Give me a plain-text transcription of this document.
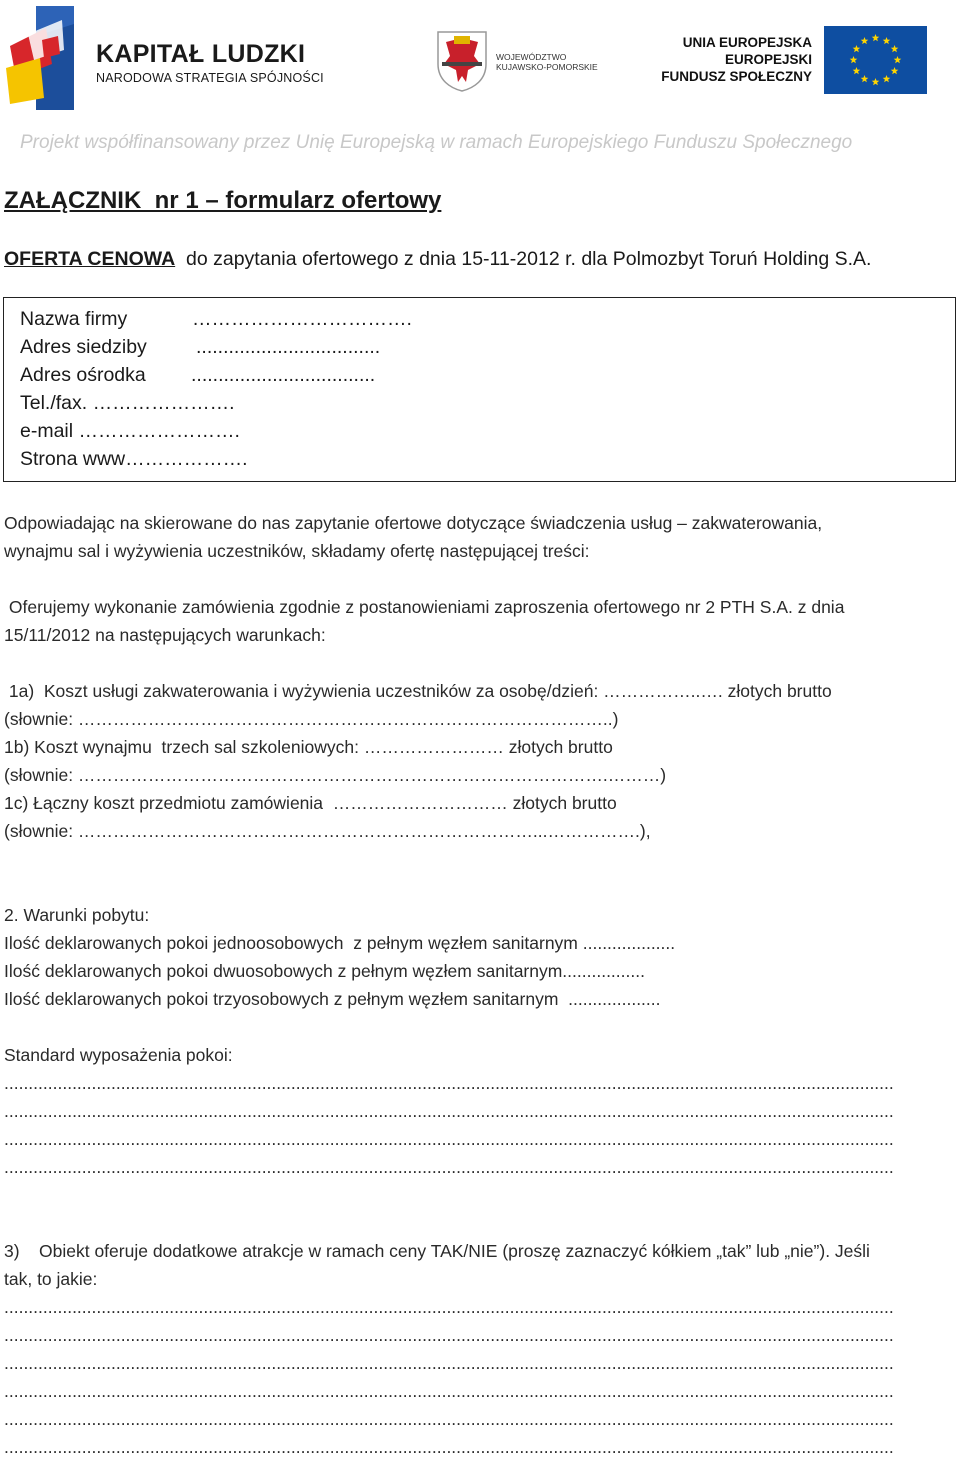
KAPITAŁ LUDZKI
NARODOWA STRATEGIA SPÓJNOŚCI
WOJEWÓDZTWO
KUJAWSKO-POMORSKIE
UNIA EUROPEJSKA
EUROPEJSKI
FUNDUSZ SPOŁECZNY
Projekt współfinansowany przez Unię Europejską w ramach Europejskiego Funduszu Społecznego
ZAŁĄCZNIK  nr 1 – formularz ofertowy
OFERTA CENOWA  do zapytania ofertowego z dnia 15-11-2012 r. dla Polmozbyt Toruń Holding S.A.
Nazwa firmy	…………………………….
Adres siedziby	..................................
Adres ośrodka ..................................
Tel./fax. ………………….
e-mail …………………….
Strona www……………….
Odpowiadając na skierowane do nas zapytanie ofertowe dotyczące świadczenia usług – zakwaterowania,
wynajmu sal i wyżywienia uczestników, składamy ofertę następującej treści:
Oferujemy wykonanie zamówienia zgodnie z postanowieniami zaproszenia ofertowego nr 2 PTH S.A. z dnia
15/11/2012 na następujących warunkach:
1a)  Koszt usługi zakwaterowania i wyżywienia uczestników za osobę/dzień: ……………..…. złotych brutto
(słownie: ………………………………………………………………………………..)
1b) Koszt wynajmu  trzech sal szkoleniowych: …………………… złotych brutto
(słownie: ……………………………………………………………………………….………)
1c) Łączny koszt przedmiotu zamówienia  ………………………… złotych brutto
(słownie: ……………………………………………………………………...…………….),
2. Warunki pobytu:
Ilość deklarowanych pokoi jednoosobowych  z pełnym węzłem sanitarnym ...................
Ilość deklarowanych pokoi dwuosobowych z pełnym węzłem sanitarnym.................
Ilość deklarowanych pokoi trzyosobowych z pełnym węzłem sanitarnym  ...................
Standard wyposażenia pokoi:
.......................................................................................................................................................................................
.......................................................................................................................................................................................
.......................................................................................................................................................................................
.......................................................................................................................................................................................
3)    Obiekt oferuje dodatkowe atrakcje w ramach ceny TAK/NIE (proszę zaznaczyć kółkiem „tak” lub „nie”). Jeśli
tak, to jakie:
.......................................................................................................................................................................................
.......................................................................................................................................................................................
.......................................................................................................................................................................................
.......................................................................................................................................................................................
.......................................................................................................................................................................................
.......................................................................................................................................................................................
